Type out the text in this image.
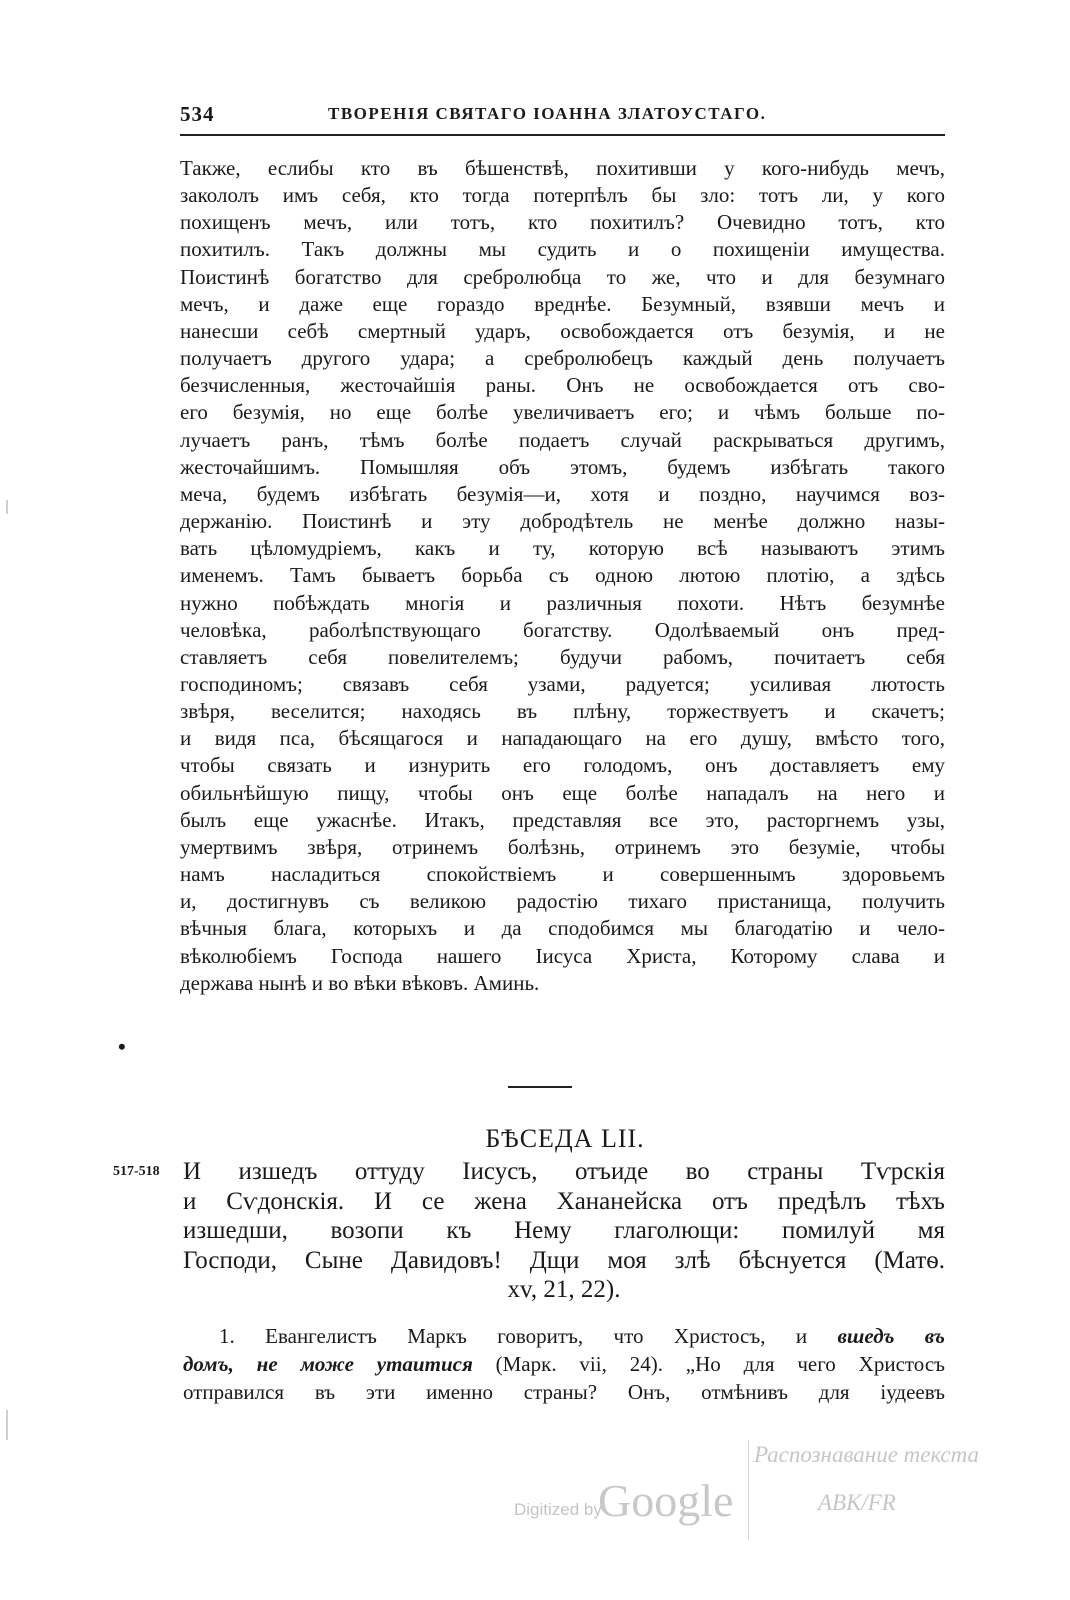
534	ТВОРЕНІЯ СВЯТАГО ІОАННА ЗЛАТОУСТАГО.
Также, еслибы кто въ бѣшенствѣ, похитивши у кого-нибудь мечъ,
закололъ имъ себя, кто тогда потерпѣлъ бы зло: тотъ ли, у кого
похищенъ мечъ, или тотъ, кто похитилъ? Очевидно тотъ, кто
похитилъ. Такъ должны мы судить и о похищеніи имущества.
Поистинѣ богатство для сребролюбца то же, что и для безумнаго
мечъ, и даже еще гораздо вреднѣе. Безумный, взявши мечъ и
нанесши себѣ смертный ударъ, освобождается отъ безумія, и не
получаетъ другого удара; а сребролюбецъ каждый день получаетъ
безчисленныя, жесточайшія раны. Онъ не освобождается отъ сво-
его безумія, но еще болѣе увеличиваетъ его; и чѣмъ больше по-
лучаетъ ранъ, тѣмъ болѣе подаетъ случай раскрываться другимъ,
жесточайшимъ. Помышляя объ этомъ, будемъ избѣгать такого
меча, будемъ избѣгать безумія—и, хотя и поздно, научимся воз-
держанію. Поистинѣ и эту добродѣтель не менѣе должно назы-
вать цѣломудріемъ, какъ и ту, которую всѣ называютъ этимъ
именемъ. Тамъ бываетъ борьба съ одною лютою плотію, а здѣсь
нужно побѣждать многія и различныя похоти. Нѣтъ безумнѣе
человѣка, раболѣпствующаго богатству. Одолѣваемый онъ пред-
ставляетъ себя повелителемъ; будучи рабомъ, почитаетъ себя
господиномъ; связавъ себя узами, радуется; усиливая лютость
звѣря, веселится; находясь въ плѣну, торжествуетъ и скачетъ;
и видя пса, бѣсящагося и нападающаго на его душу, вмѣсто того,
чтобы связать и изнурить его голодомъ, онъ доставляетъ ему
обильнѣйшую пищу, чтобы онъ еще болѣе нападалъ на него и
былъ еще ужаснѣе. Итакъ, представляя все это, расторгнемъ узы,
умертвимъ звѣря, отринемъ болѣзнь, отринемъ это безуміе, чтобы
намъ насладиться спокойствіемъ и совершеннымъ здоровьемъ
и, достигнувъ съ великою радостію тихаго пристанища, получить
вѣчныя блага, которыхъ и да сподобимся мы благодатію и чело-
вѣколюбіемъ Господа нашего Іисуса Христа, Которому слава и
держава нынѣ и во вѣки вѣковъ. Аминь.
•
БѢСЕДА LII.
517-518 И изшедъ оттуду Іисусъ, отъиде во страны Тѵрскія
и Сѵдонскія. И се жена Хананейска отъ предѣлъ тѣхъ
изшедши, возопи къ Нему глаголющи: помилуй мя
Господи, Сыне Давидовъ! Дщи моя злѣ бѣснуется (Матѳ.
xv, 21, 22).
1. Евангелистъ Маркъ говоритъ, что Христосъ, и вшедъ въ
домъ, не може утаитися (Марк. vii, 24). „Но для чего Христосъ
отправился въ эти именно страны? Онъ, отмѣнивъ для іудеевъ
Digitized by
Google
Распознавание текста
АВК/FR
